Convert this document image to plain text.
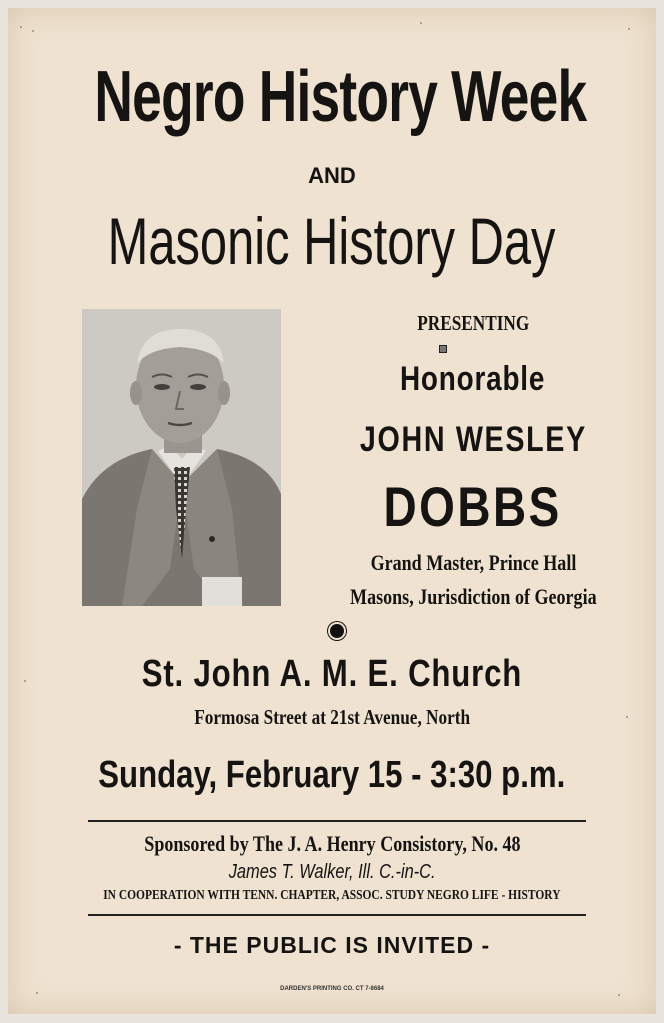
Negro History Week
AND
Masonic History Day
PRESENTING
Honorable
JOHN WESLEY
DOBBS
Grand Master, Prince Hall
Masons, Jurisdiction of Georgia
St. John A. M. E. Church
Formosa Street at 21st Avenue, North
Sunday, February 15 - 3:30 p.m.
Sponsored by The J. A. Henry Consistory, No. 48
James T. Walker, Ill. C.-in-C.
IN COOPERATION WITH TENN. CHAPTER, ASSOC. STUDY NEGRO LIFE - HISTORY
- THE PUBLIC IS INVITED -
DARDEN'S PRINTING CO. CT 7-8684
